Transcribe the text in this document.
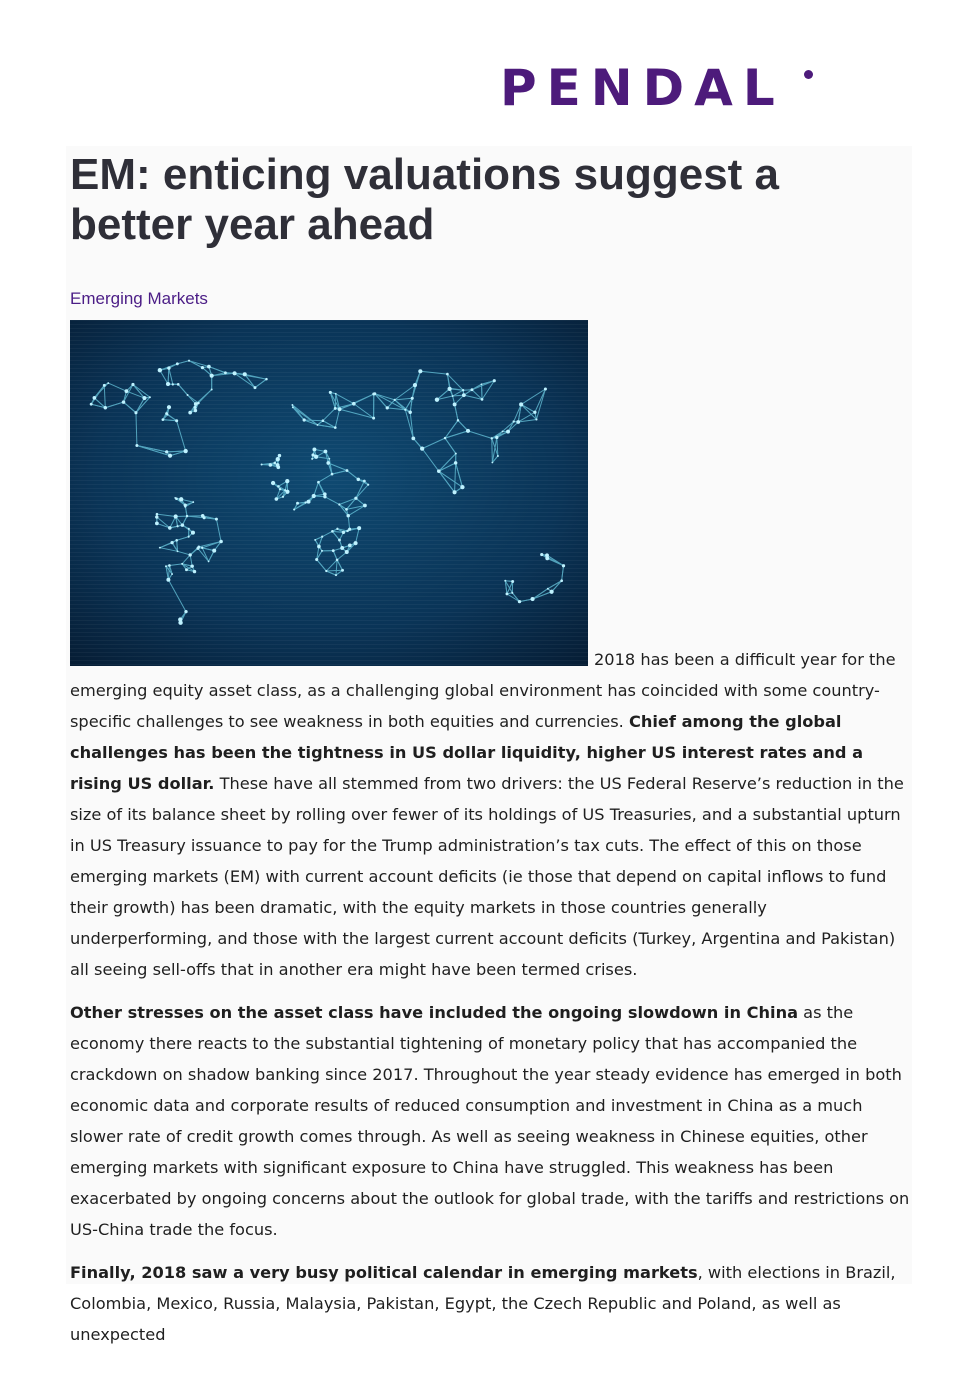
PENDAL
EM: enticing valuations suggest a better year ahead
Emerging Markets

2018 has been a difficult year for the emerging equity asset class, as a challenging global environment has coincided with some country-specific challenges to see weakness in both equities and currencies. Chief among the global challenges has been the tightness in US dollar liquidity, higher US interest rates and a rising US dollar. These have all stemmed from two drivers: the US Federal Reserve’s reduction in the size of its balance sheet by rolling over fewer of its holdings of US Treasuries, and a substantial upturn in US Treasury issuance to pay for the Trump administration’s tax cuts. The effect of this on those emerging markets (EM) with current account deficits (ie those that depend on capital inflows to fund their growth) has been dramatic, with the equity markets in those countries generally underperforming, and those with the largest current account deficits (Turkey, Argentina and Pakistan) all seeing sell-offs that in another era might have been termed crises.

Other stresses on the asset class have included the ongoing slowdown in China as the economy there reacts to the substantial tightening of monetary policy that has accompanied the crackdown on shadow banking since 2017. Throughout the year steady evidence has emerged in both economic data and corporate results of reduced consumption and investment in China as a much slower rate of credit growth comes through. As well as seeing weakness in Chinese equities, other emerging markets with significant exposure to China have struggled. This weakness has been exacerbated by ongoing concerns about the outlook for global trade, with the tariffs and restrictions on US-China trade the focus.

Finally, 2018 saw a very busy political calendar in emerging markets, with elections in Brazil, Colombia, Mexico, Russia, Malaysia, Pakistan, Egypt, the Czech Republic and Poland, as well as unexpected
